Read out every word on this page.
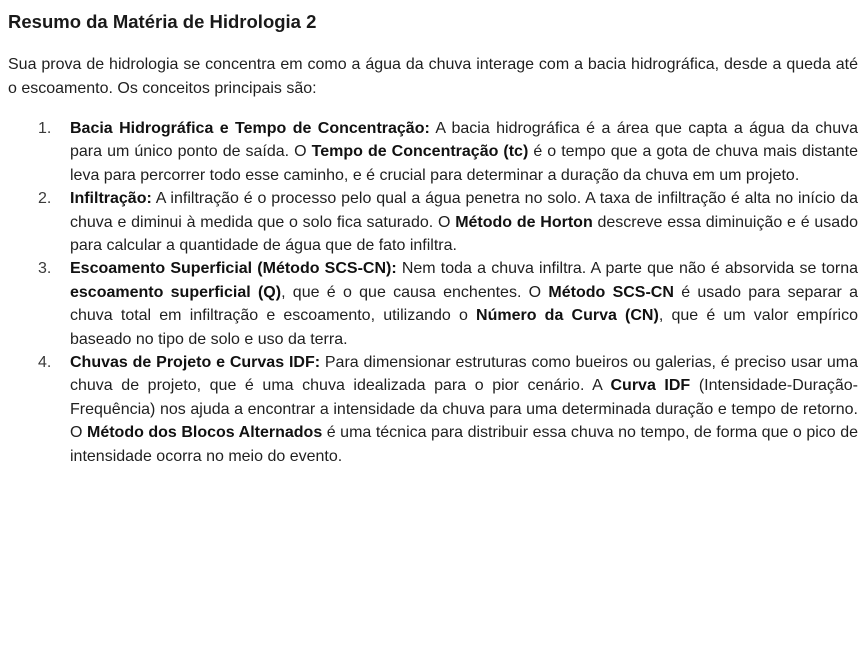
Resumo da Matéria de Hidrologia 2

Sua prova de hidrologia se concentra em como a água da chuva interage com a bacia hidrográfica, desde a queda até o escoamento. Os conceitos principais são:

1.	Bacia Hidrográfica e Tempo de Concentração: A bacia hidrográfica é a área que capta a água da chuva para um único ponto de saída. O Tempo de Concentração (tc) é o tempo que a gota de chuva mais distante leva para percorrer todo esse caminho, e é crucial para determinar a duração da chuva em um projeto.
2.	Infiltração: A infiltração é o processo pelo qual a água penetra no solo. A taxa de infiltração é alta no início da chuva e diminui à medida que o solo fica saturado. O Método de Horton descreve essa diminuição e é usado para calcular a quantidade de água que de fato infiltra.
3.	Escoamento Superficial (Método SCS-CN): Nem toda a chuva infiltra. A parte que não é absorvida se torna escoamento superficial (Q), que é o que causa enchentes. O Método SCS-CN é usado para separar a chuva total em infiltração e escoamento, utilizando o Número da Curva (CN), que é um valor empírico baseado no tipo de solo e uso da terra.
4.	Chuvas de Projeto e Curvas IDF: Para dimensionar estruturas como bueiros ou galerias, é preciso usar uma chuva de projeto, que é uma chuva idealizada para o pior cenário. A Curva IDF (Intensidade-Duração-Frequência) nos ajuda a encontrar a intensidade da chuva para uma determinada duração e tempo de retorno. O Método dos Blocos Alternados é uma técnica para distribuir essa chuva no tempo, de forma que o pico de intensidade ocorra no meio do evento.
